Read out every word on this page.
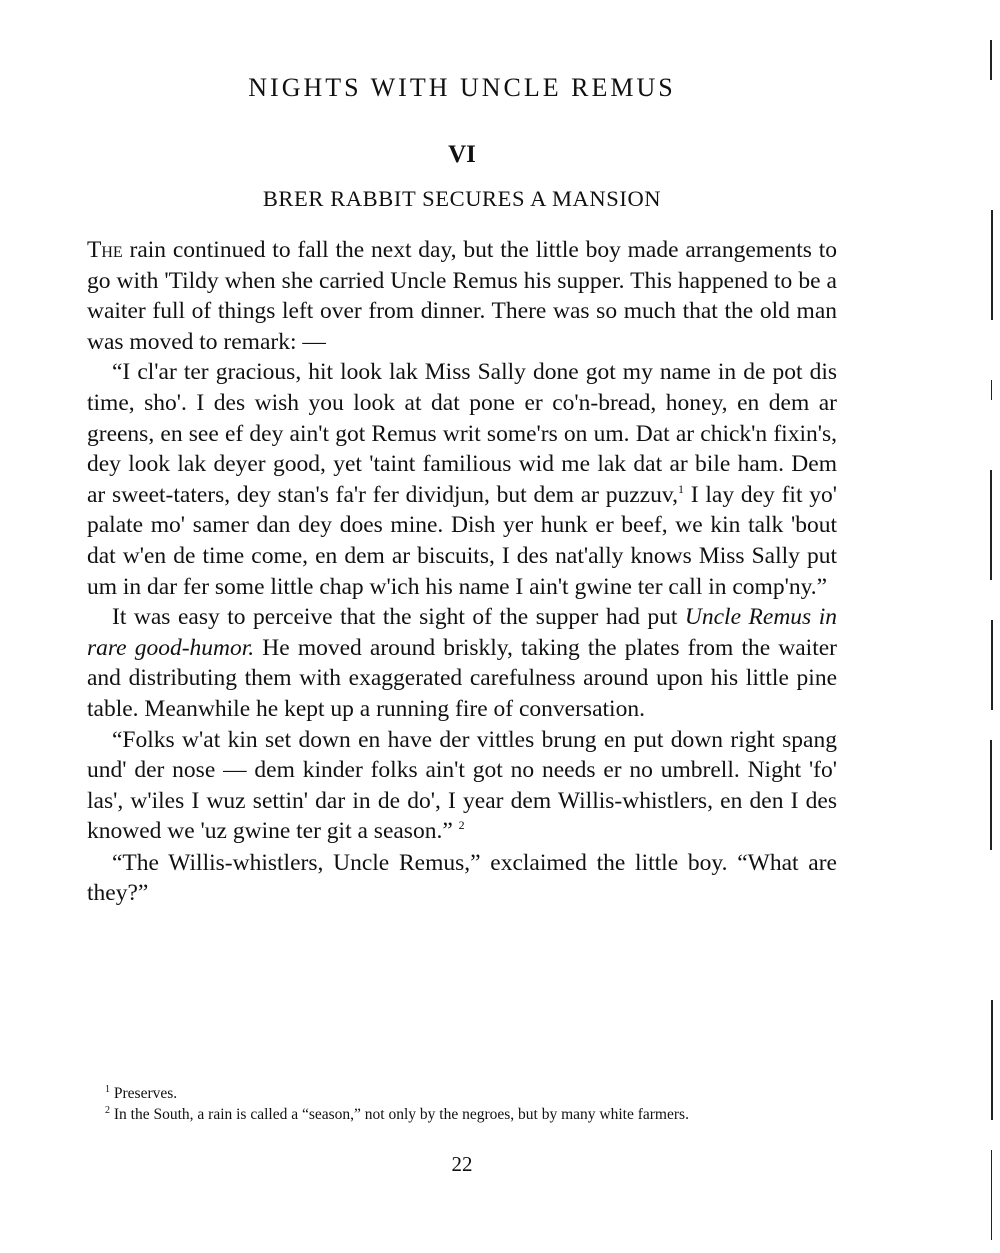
NIGHTS WITH UNCLE REMUS
VI
BRER RABBIT SECURES A MANSION

The rain continued to fall the next day, but the little boy made arrangements to go with 'Tildy when she carried Uncle Remus his supper. This happened to be a waiter full of things left over from dinner. There was so much that the old man was moved to remark: —

“I cl'ar ter gracious, hit look lak Miss Sally done got my name in de pot dis time, sho'. I des wish you look at dat pone er co'n-bread, honey, en dem ar greens, en see ef dey ain't got Remus writ some'rs on um. Dat ar chick'n fixin's, dey look lak deyer good, yet 'taint familious wid me lak dat ar bile ham. Dem ar sweet-taters, dey stan's fa'r fer dividjun, but dem ar puzzuv,$^1$ I lay dey fit yo' palate mo' samer dan dey does mine. Dish yer hunk er beef, we kin talk 'bout dat w'en de time come, en dem ar biscuits, I des nat'ally knows Miss Sally put um in dar fer some little chap w'ich his name I ain't gwine ter call in comp'ny.”

It was easy to perceive that the sight of the supper had put Uncle Remus in rare good-humor. He moved around briskly, taking the plates from the waiter and distributing them with exaggerated carefulness around upon his little pine table. Meanwhile he kept up a running fire of conversation.

“Folks w'at kin set down en have der vittles brung en put down right spang und' der nose — dem kinder folks ain't got no needs er no umbrell. Night 'fo' las', w'iles I wuz settin' dar in de do', I year dem Willis-whistlers, en den I des knowed we 'uz gwine ter git a season.” $^2$

“The Willis-whistlers, Uncle Remus,” exclaimed the little boy. “What are they?”

$^1$ Preserves.

$^2$ In the South, a rain is called a “season,” not only by the negroes, but by many white farmers.

22
